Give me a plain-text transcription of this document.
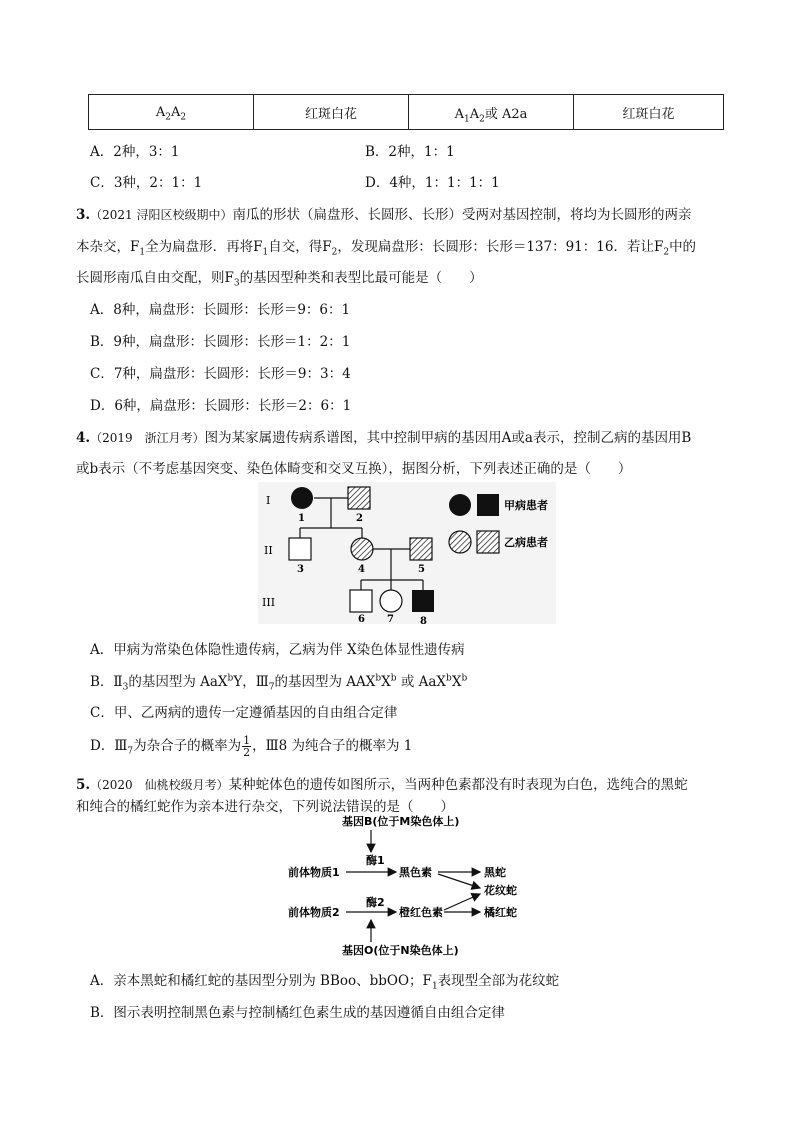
$A_2A_2$	红斑白花	$A_1A_2$或 A2a	红斑白花
A．2种，3：1	B．2种，1：1
C．3种，2：1：1	D．4种，1：1：1：1
3.（2021 浔阳区校级期中）南瓜的形状（扁盘形、长圆形、长形）受两对基因控制，将均为长圆形的两亲
本杂交，$F_1$全为扁盘形．再将$F_1$自交，得$F_2$，发现扁盘形：长圆形：长形＝137：91：16．若让$F_2$中的
长圆形南瓜自由交配，则$F_3$的基因型种类和表型比最可能是（　　）
A．8种，扁盘形：长圆形：长形＝9：6：1
B．9种，扁盘形：长圆形：长形＝1：2：1
C．7种，扁盘形：长圆形：长形＝9：3：4
D．6种，扁盘形：长圆形：长形＝2：6：1
4.（2019　浙江月考）图为某家属遗传病系谱图，其中控制甲病的基因用A或a表示，控制乙病的基因用B
或b表示（不考虑基因突变、染色体畸变和交叉互换），据图分析，下列表述正确的是（　　）
I
II
III
1	2
3	4	5
6 7	8
甲病患者
乙病患者
A．甲病为常染色体隐性遗传病，乙病为伴 X染色体显性遗传病
B．$Ⅱ_3$的基因型为 AaX$^b$Y，$Ⅲ_7$的基因型为 $AAX^bX^b$ 或 $AaX^bX^b$
C．甲、乙两病的遗传一定遵循基因的自由组合定律
D．$Ⅲ_7$为杂合子的概率为 $\frac{1}{2}$ ，Ⅲ8 为纯合子的概率为 1
5.（2020　仙桃校级月考）某种蛇体色的遗传如图所示，当两种色素都没有时表现为白色，选纯合的黑蛇
和纯合的橘红蛇作为亲本进行杂交，下列说法错误的是（　　）
基因B(位于M染色体上)
酶1
前体物质1	黑色素	黑蛇
花纹蛇
酶2
前体物质2	橙红色素	橘红蛇
基因O(位于N染色体上)
A．亲本黑蛇和橘红蛇的基因型分别为 BBoo、bbOO；$F_1$表现型全部为花纹蛇
B．图示表明控制黑色素与控制橘红色素生成的基因遵循自由组合定律
